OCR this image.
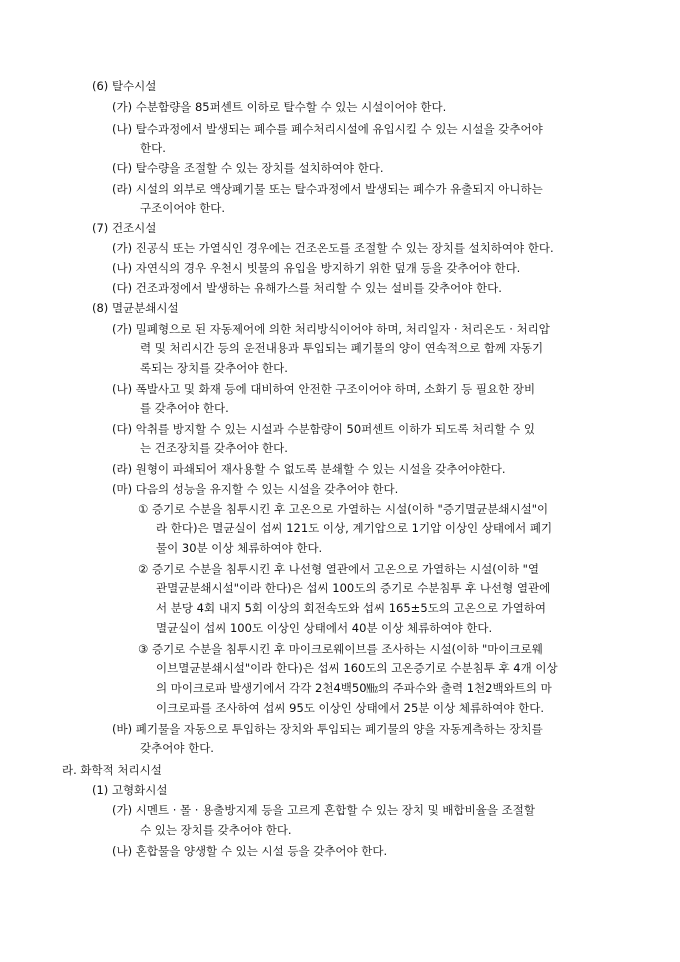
(6) 탈수시설
(가) 수분함량을 85퍼센트 이하로 탈수할 수 있는 시설이어야 한다.
(나) 탈수과정에서 발생되는 폐수를 폐수처리시설에 유입시킬 수 있는 시설을 갖추어야
한다.
(다) 탈수량을 조절할 수 있는 장치를 설치하여야 한다.
(라) 시설의 외부로 액상폐기물 또는 탈수과정에서 발생되는 폐수가 유출되지 아니하는
구조이어야 한다.
(7) 건조시설
(가) 진공식 또는 가열식인 경우에는 건조온도를 조절할 수 있는 장치를 설치하여야 한다.
(나) 자연식의 경우 우천시 빗물의 유입을 방지하기 위한 덮개 등을 갖추어야 한다.
(다) 건조과정에서 발생하는 유해가스를 처리할 수 있는 설비를 갖추어야 한다.
(8) 멸균분쇄시설
(가) 밀폐형으로 된 자동제어에 의한 처리방식이어야 하며, 처리일자 · 처리온도 · 처리압
력 및 처리시간 등의 운전내용과 투입되는 폐기물의 양이 연속적으로 함께 자동기
록되는 장치를 갖추어야 한다.
(나) 폭발사고 및 화재 등에 대비하여 안전한 구조이어야 하며, 소화기 등 필요한 장비
를 갖추어야 한다.
(다) 악취를 방지할 수 있는 시설과 수분함량이 50퍼센트 이하가 되도록 처리할 수 있
는 건조장치를 갖추어야 한다.
(라) 원형이 파쇄되어 재사용할 수 없도록 분쇄할 수 있는 시설을 갖추어야한다.
(마) 다음의 성능을 유지할 수 있는 시설을 갖추어야 한다.
① 증기로 수분을 침투시킨 후 고온으로 가열하는 시설(이하 "증기멸균분쇄시설"이
라 한다)은 멸균실이 섭씨 121도 이상, 계기압으로 1기압 이상인 상태에서 폐기
물이 30분 이상 체류하여야 한다.
② 증기로 수분을 침투시킨 후 나선형 열관에서 고온으로 가열하는 시설(이하 "열
관멸균분쇄시설"이라 한다)은 섭씨 100도의 증기로 수분침투 후 나선형 열관에
서 분당 4회 내지 5회 이상의 회전속도와 섭씨 165±5도의 고온으로 가열하여
멸균실이 섭씨 100도 이상인 상태에서 40분 이상 체류하여야 한다.
③ 증기로 수분을 침투시킨 후 마이크로웨이브를 조사하는 시설(이하 "마이크로웨
이브멸균분쇄시설"이라 한다)은 섭씨 160도의 고온증기로 수분침투 후 4개 이상
의 마이크로파 발생기에서 각각 2천4백50㎒의 주파수와 출력 1천2백와트의 마
이크로파를 조사하여 섭씨 95도 이상인 상태에서 25분 이상 체류하여야 한다.
(바) 폐기물을 자동으로 투입하는 장치와 투입되는 폐기물의 양을 자동계측하는 장치를
갖추어야 한다.
라. 화학적 처리시설
(1) 고형화시설
(가) 시멘트 · 몰 · 용출방지제 등을 고르게 혼합할 수 있는 장치 및 배합비율을 조절할
수 있는 장치를 갖추어야 한다.
(나) 혼합물을 양생할 수 있는 시설 등을 갖추어야 한다.
